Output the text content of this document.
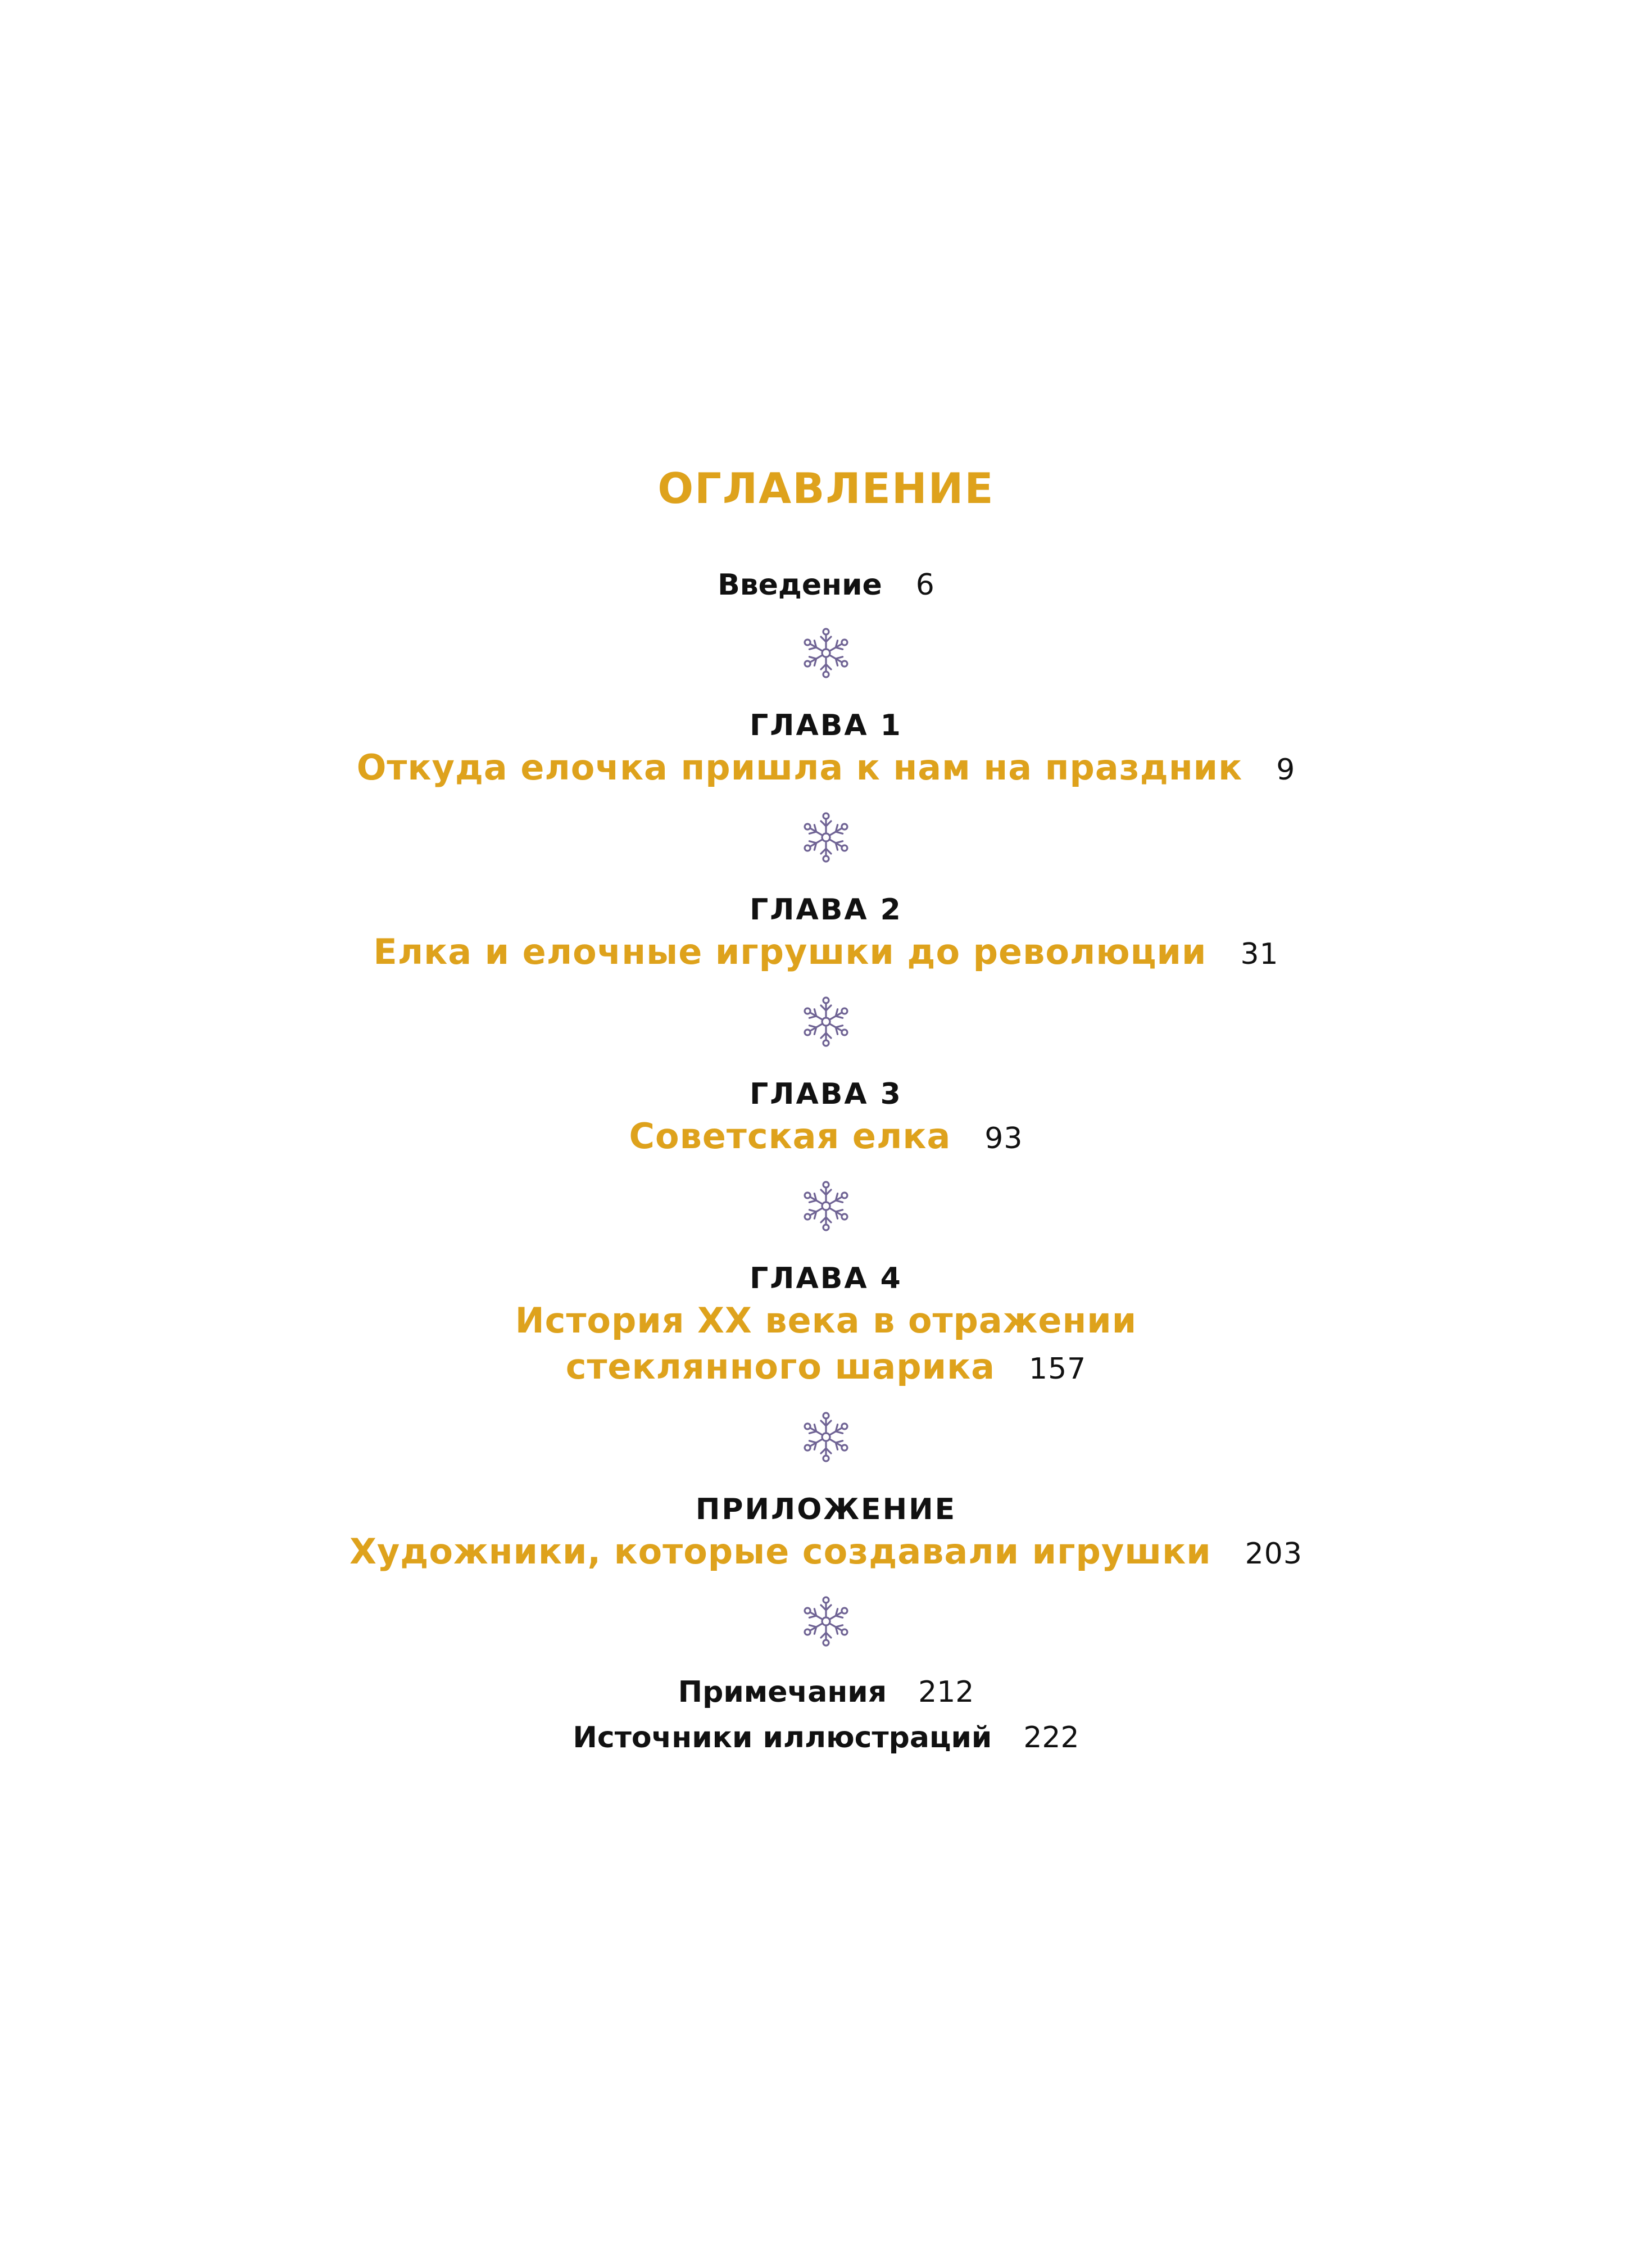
ОГЛАВЛЕНИЕ
Введение 6
ГЛАВА 1
Откуда елочка пришла к нам на праздник 9
ГЛАВА 2
Елка и елочные игрушки до революции 31
ГЛАВА 3
Советская елка 93
ГЛАВА 4
История XX века в отражении
стеклянного шарика 157
ПРИЛОЖЕНИЕ
Художники, которые создавали игрушки 203
Примечания 212
Источники иллюстраций 222
